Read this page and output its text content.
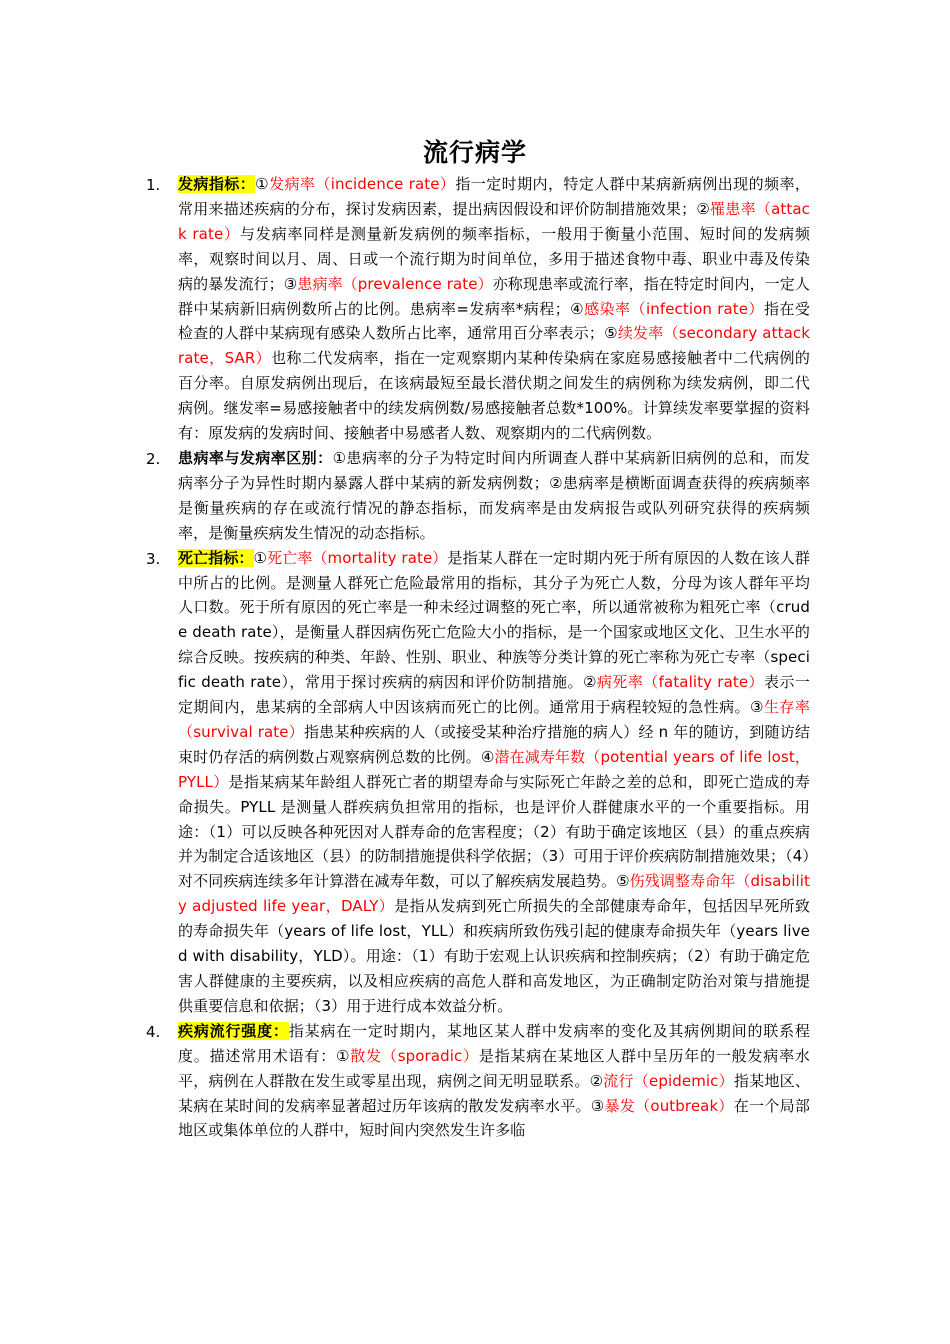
流行病学
1. 发病指标：①发病率（incidence rate）指一定时期内，特定人群中某病新病例出现的频率，常用来描述疾病的分布，探讨发病因素，提出病因假设和评价防制措施效果；②罹患率（attack rate）与发病率同样是测量新发病例的频率指标，一般用于衡量小范围、短时间的发病频率，观察时间以月、周、日或一个流行期为时间单位，多用于描述食物中毒、职业中毒及传染病的暴发流行；③患病率（prevalence rate）亦称现患率或流行率，指在特定时间内，一定人群中某病新旧病例数所占的比例。患病率=发病率*病程；④感染率（infection rate）指在受检查的人群中某病现有感染人数所占比率，通常用百分率表示；⑤续发率（secondary attack rate，SAR）也称二代发病率，指在一定观察期内某种传染病在家庭易感接触者中二代病例的百分率。自原发病例出现后，在该病最短至最长潜伏期之间发生的病例称为续发病例，即二代病例。继发率=易感接触者中的续发病例数/易感接触者总数*100%。计算续发率要掌握的资料有：原发病的发病时间、接触者中易感者人数、观察期内的二代病例数。
2. 患病率与发病率区别：①患病率的分子为特定时间内所调查人群中某病新旧病例的总和，而发病率分子为异性时期内暴露人群中某病的新发病例数；②患病率是横断面调查获得的疾病频率是衡量疾病的存在或流行情况的静态指标，而发病率是由发病报告或队列研究获得的疾病频率，是衡量疾病发生情况的动态指标。
3. 死亡指标：①死亡率（mortality rate）是指某人群在一定时期内死于所有原因的人数在该人群中所占的比例。是测量人群死亡危险最常用的指标，其分子为死亡人数，分母为该人群年平均人口数。死于所有原因的死亡率是一种未经过调整的死亡率，所以通常被称为粗死亡率（crude death rate），是衡量人群因病伤死亡危险大小的指标，是一个国家或地区文化、卫生水平的综合反映。按疾病的种类、年龄、性别、职业、种族等分类计算的死亡率称为死亡专率（specific death rate），常用于探讨疾病的病因和评价防制措施。②病死率（fatality rate）表示一定期间内，患某病的全部病人中因该病而死亡的比例。通常用于病程较短的急性病。③生存率（survival rate）指患某种疾病的人（或接受某种治疗措施的病人）经 n 年的随访，到随访结束时仍存活的病例数占观察病例总数的比例。④潜在减寿年数（potential years of life lost，PYLL）是指某病某年龄组人群死亡者的期望寿命与实际死亡年龄之差的总和，即死亡造成的寿命损失。PYLL 是测量人群疾病负担常用的指标，也是评价人群健康水平的一个重要指标。用途：（1）可以反映各种死因对人群寿命的危害程度；（2）有助于确定该地区（县）的重点疾病并为制定合适该地区（县）的防制措施提供科学依据；（3）可用于评价疾病防制措施效果；（4）对不同疾病连续多年计算潜在减寿年数，可以了解疾病发展趋势。⑤伤残调整寿命年（disability adjusted life year，DALY）是指从发病到死亡所损失的全部健康寿命年，包括因早死所致的寿命损失年（years of life lost，YLL）和疾病所致伤残引起的健康寿命损失年（years lived with disability，YLD）。用途：（1）有助于宏观上认识疾病和控制疾病；（2）有助于确定危害人群健康的主要疾病，以及相应疾病的高危人群和高发地区，为正确制定防治对策与措施提供重要信息和依据；（3）用于进行成本效益分析。
4. 疾病流行强度：指某病在一定时期内，某地区某人群中发病率的变化及其病例期间的联系程度。描述常用术语有：①散发（sporadic）是指某病在某地区人群中呈历年的一般发病率水平，病例在人群散在发生或零星出现，病例之间无明显联系。②流行（epidemic）指某地区、某病在某时间的发病率显著超过历年该病的散发发病率水平。③暴发（outbreak）在一个局部地区或集体单位的人群中，短时间内突然发生许多临
